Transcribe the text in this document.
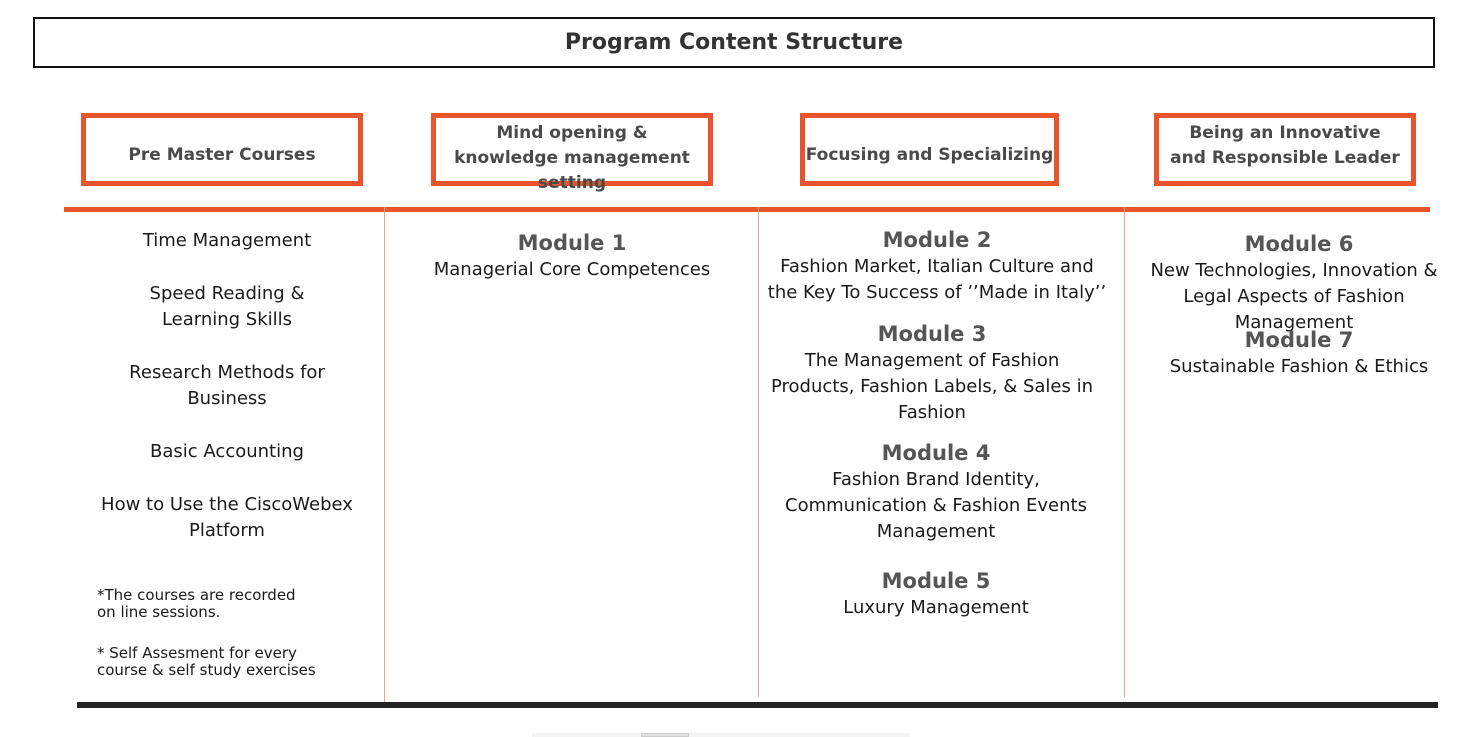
Program Content Structure
Pre Master Courses
Mind opening & knowledge management setting
Focusing and Specializing
Being an Innovative and Responsible Leader
Time Management
Speed Reading & Learning Skills
Research Methods for Business
Basic Accounting
How to Use the CiscoWebex Platform
*The courses are recorded on line sessions.
* Self Assesment for every course & self study exercises
Module 1
Managerial Core Competences
Module 2
Fashion Market, Italian Culture and the Key To Success of ’’Made in Italy’’
Module 3
The Management of Fashion Products, Fashion Labels, & Sales in Fashion
Module 4
Fashion Brand Identity, Communication & Fashion Events Management
Module 5
Luxury Management
Module 6
New Technologies, Innovation & Legal Aspects of Fashion Management
Module 7
Sustainable Fashion & Ethics
